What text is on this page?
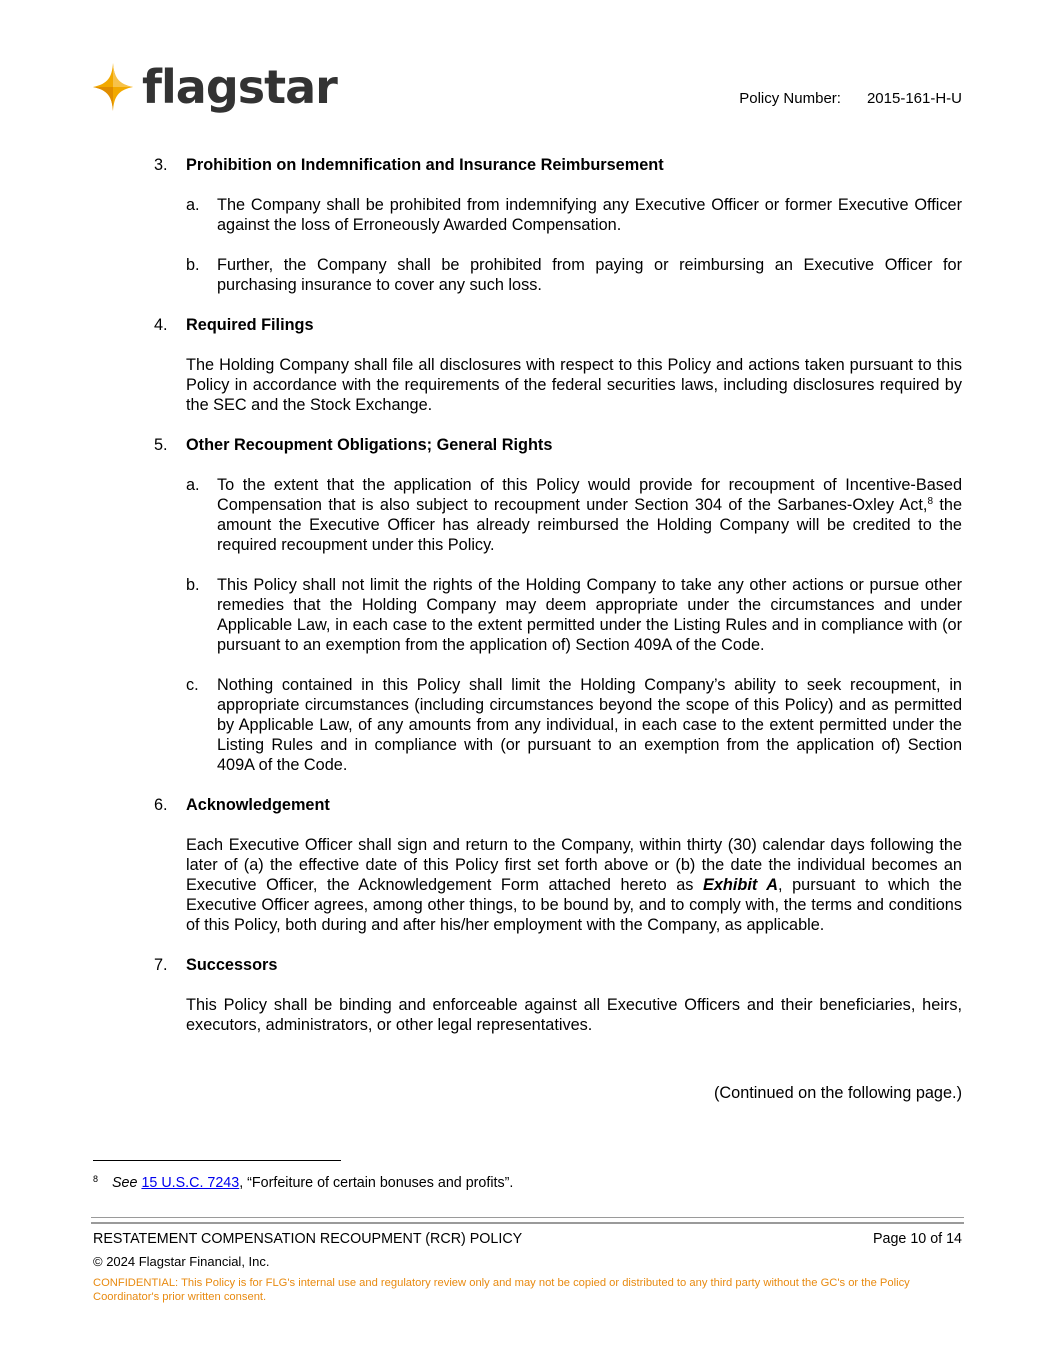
flagstar	Policy Number: 2015-161-H-U
3.	Prohibition on Indemnification and Insurance Reimbursement
a.	The Company shall be prohibited from indemnifying any Executive Officer or former Executive Officer against the loss of Erroneously Awarded Compensation.
b.	Further, the Company shall be prohibited from paying or reimbursing an Executive Officer for purchasing insurance to cover any such loss.
4.	Required Filings
The Holding Company shall file all disclosures with respect to this Policy and actions taken pursuant to this Policy in accordance with the requirements of the federal securities laws, including disclosures required by the SEC and the Stock Exchange.
5.	Other Recoupment Obligations; General Rights
a.	To the extent that the application of this Policy would provide for recoupment of Incentive-Based Compensation that is also subject to recoupment under Section 304 of the Sarbanes-Oxley Act,$^8$ the amount the Executive Officer has already reimbursed the Holding Company will be credited to the required recoupment under this Policy.
b.	This Policy shall not limit the rights of the Holding Company to take any other actions or pursue other remedies that the Holding Company may deem appropriate under the circumstances and under Applicable Law, in each case to the extent permitted under the Listing Rules and in compliance with (or pursuant to an exemption from the application of) Section 409A of the Code.
c.	Nothing contained in this Policy shall limit the Holding Company’s ability to seek recoupment, in appropriate circumstances (including circumstances beyond the scope of this Policy) and as permitted by Applicable Law, of any amounts from any individual, in each case to the extent permitted under the Listing Rules and in compliance with (or pursuant to an exemption from the application of) Section 409A of the Code.
6.	Acknowledgement
Each Executive Officer shall sign and return to the Company, within thirty (30) calendar days following the later of (a) the effective date of this Policy first set forth above or (b) the date the individual becomes an Executive Officer, the Acknowledgement Form attached hereto as Exhibit A, pursuant to which the Executive Officer agrees, among other things, to be bound by, and to comply with, the terms and conditions of this Policy, both during and after his/her employment with the Company, as applicable.
7.	Successors
This Policy shall be binding and enforceable against all Executive Officers and their beneficiaries, heirs, executors, administrators, or other legal representatives.
(Continued on the following page.)
$^8$ See 15 U.S.C. 7243, “Forfeiture of certain bonuses and profits”.
RESTATEMENT COMPENSATION RECOUPMENT (RCR) POLICY	Page 10 of 14
© 2024 Flagstar Financial, Inc.
CONFIDENTIAL: This Policy is for FLG's internal use and regulatory review only and may not be copied or distributed to any third party without the GC's or the Policy Coordinator's prior written consent.
